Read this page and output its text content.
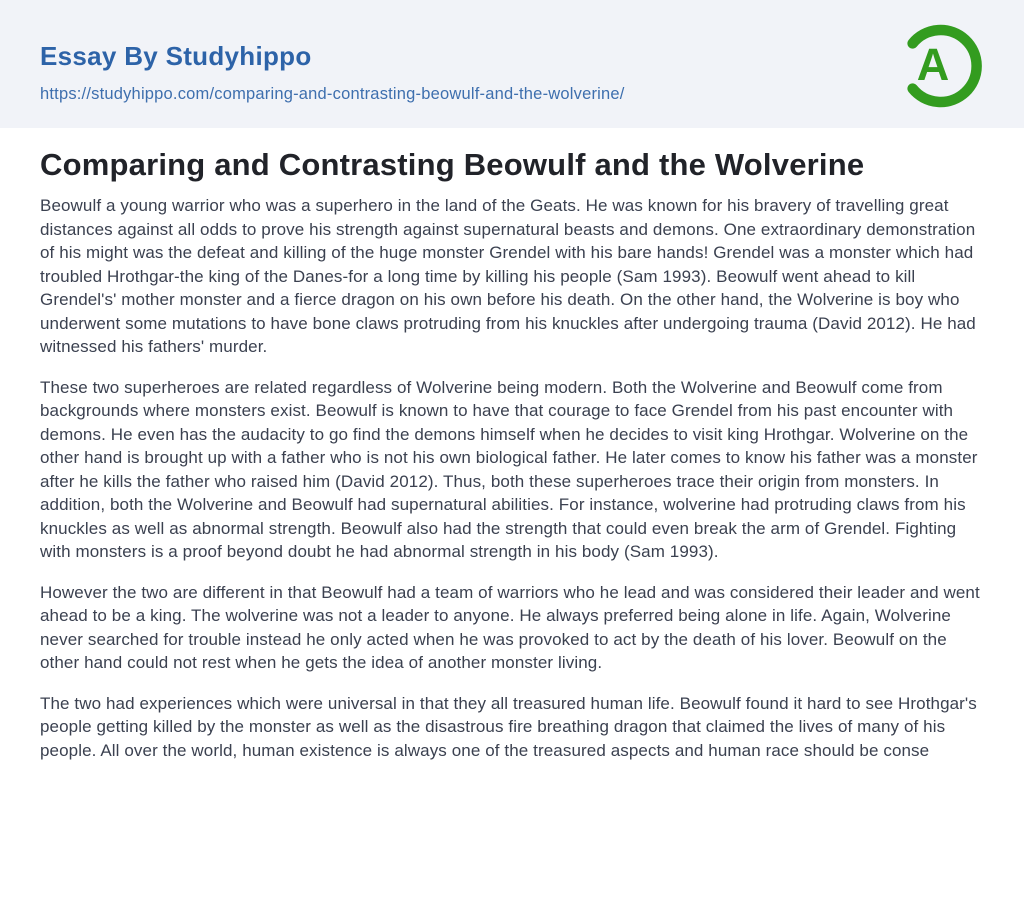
Essay By Studyhippo
https://studyhippo.com/comparing-and-contrasting-beowulf-and-the-wolverine/
A
Comparing and Contrasting Beowulf and the Wolverine

Beowulf a young warrior who was a superhero in the land of the Geats. He was known for his bravery of travelling great distances against all odds to prove his strength against supernatural beasts and demons. One extraordinary demonstration of his might was the defeat and killing of the huge monster Grendel with his bare hands! Grendel was a monster which had troubled Hrothgar-the king of the Danes-for a long time by killing his people (Sam 1993). Beowulf went ahead to kill Grendel's' mother monster and a fierce dragon on his own before his death. On the other hand, the Wolverine is boy who underwent some mutations to have bone claws protruding from his knuckles after undergoing trauma (David 2012). He had witnessed his fathers' murder.

These two superheroes are related regardless of Wolverine being modern. Both the Wolverine and Beowulf come from backgrounds where monsters exist. Beowulf is known to have that courage to face Grendel from his past encounter with demons. He even has the audacity to go find the demons himself when he decides to visit king Hrothgar. Wolverine on the other hand is brought up with a father who is not his own biological father. He later comes to know his father was a monster after he kills the father who raised him (David 2012). Thus, both these superheroes trace their origin from monsters. In addition, both the Wolverine and Beowulf had supernatural abilities. For instance, wolverine had protruding claws from his knuckles as well as abnormal strength. Beowulf also had the strength that could even break the arm of Grendel. Fighting with monsters is a proof beyond doubt he had abnormal strength in his body (Sam 1993).

However the two are different in that Beowulf had a team of warriors who he lead and was considered their leader and went ahead to be a king. The wolverine was not a leader to anyone. He always preferred being alone in life. Again, Wolverine never searched for trouble instead he only acted when he was provoked to act by the death of his lover. Beowulf on the other hand could not rest when he gets the idea of another monster living.

The two had experiences which were universal in that they all treasured human life. Beowulf found it hard to see Hrothgar's people getting killed by the monster as well as the disastrous fire breathing dragon that claimed the lives of many of his people. All over the world, human existence is always one of the treasured aspects and human race should be conse
